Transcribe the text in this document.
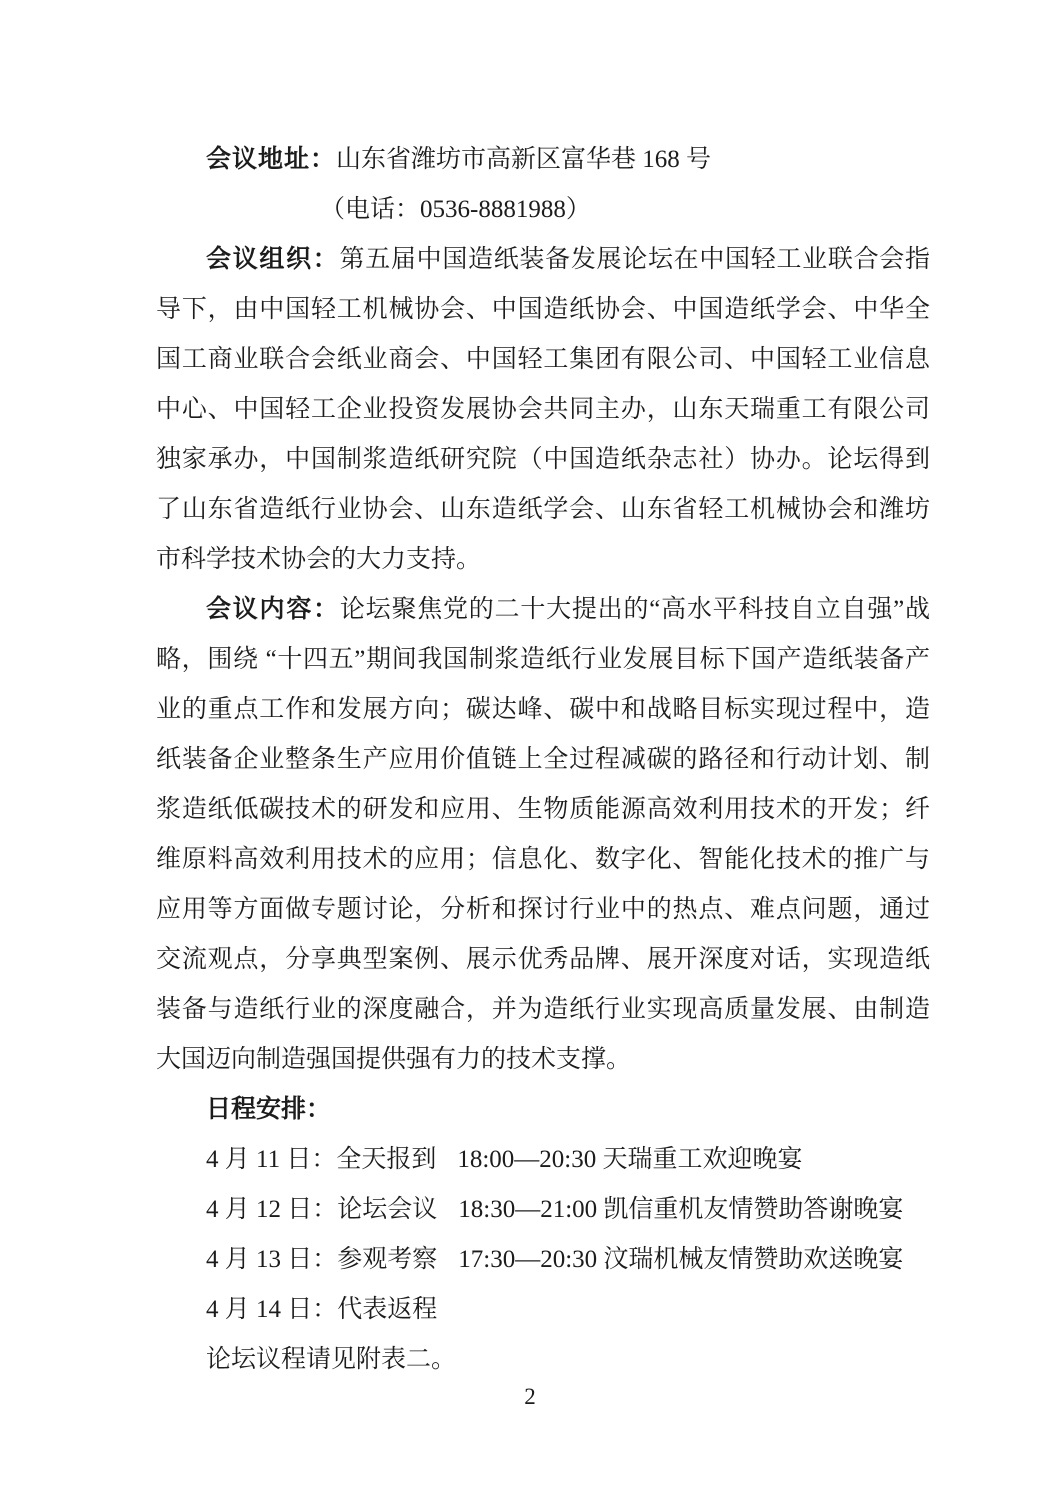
会议地址：山东省潍坊市高新区富华巷 168 号

（电话：0536-8881988）

会议组织：第五届中国造纸装备发展论坛在中国轻工业联合会指导下，由中国轻工机械协会、中国造纸协会、中国造纸学会、中华全国工商业联合会纸业商会、中国轻工集团有限公司、中国轻工业信息中心、中国轻工企业投资发展协会共同主办，山东天瑞重工有限公司独家承办，中国制浆造纸研究院（中国造纸杂志社）协办。论坛得到了山东省造纸行业协会、山东造纸学会、山东省轻工机械协会和潍坊市科学技术协会的大力支持。

会议内容：论坛聚焦党的二十大提出的“高水平科技自立自强”战略，围绕 “十四五”期间我国制浆造纸行业发展目标下国产造纸装备产业的重点工作和发展方向；碳达峰、碳中和战略目标实现过程中，造纸装备企业整条生产应用价值链上全过程减碳的路径和行动计划、制浆造纸低碳技术的研发和应用、生物质能源高效利用技术的开发；纤维原料高效利用技术的应用；信息化、数字化、智能化技术的推广与应用等方面做专题讨论，分析和探讨行业中的热点、难点问题，通过交流观点，分享典型案例、展示优秀品牌、展开深度对话，实现造纸装备与造纸行业的深度融合，并为造纸行业实现高质量发展、由制造大国迈向制造强国提供强有力的技术支撑。

日程安排：

4 月 11 日：全天报到 18:00—20:30 天瑞重工欢迎晚宴

4 月 12 日：论坛会议 18:30—21:00 凯信重机友情赞助答谢晚宴

4 月 13 日：参观考察 17:30—20:30 汶瑞机械友情赞助欢送晚宴

4 月 14 日：代表返程

论坛议程请见附表二。

2
